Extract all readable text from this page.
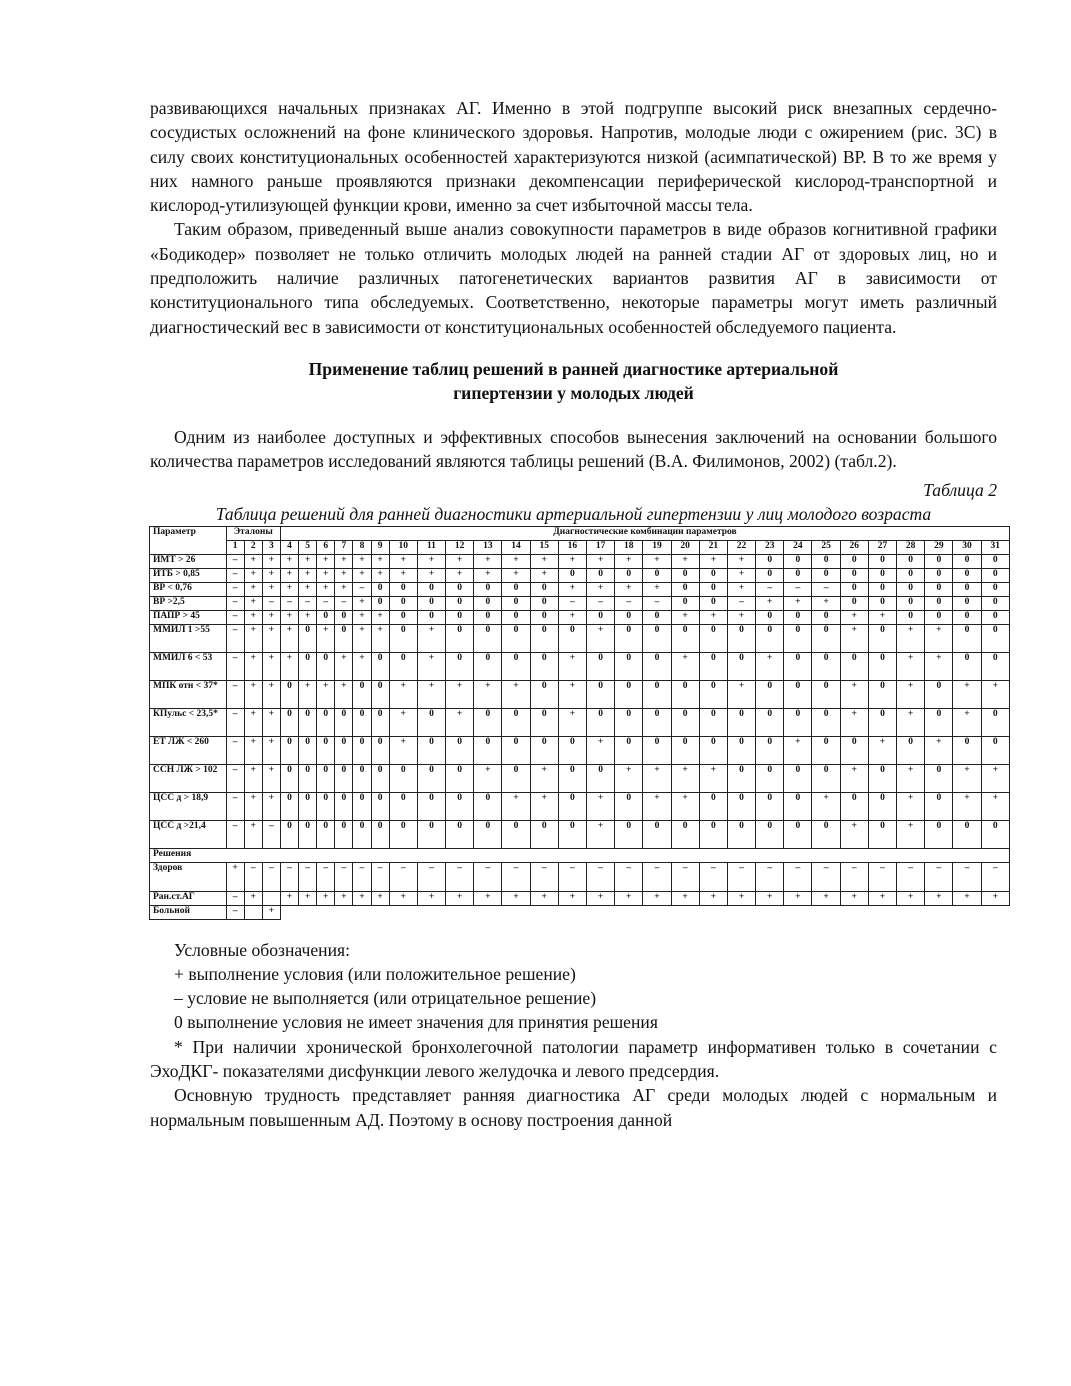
развивающихся начальных признаках АГ. Именно в этой подгруппе высокий риск внезапных сердечно-сосудистых осложнений на фоне клинического здоровья. Напротив, молодые люди с ожирением (рис. 3С) в силу своих конституциональных особенностей характеризуются низкой (асимпатической) ВР. В то же время у них намного раньше проявляются признаки декомпенсации периферической кислород-транспортной и кислород-утилизующей функции крови, именно за счет избыточной массы тела.

Таким образом, приведенный выше анализ совокупности параметров в виде образов когнитивной графики «Бодикодер» позволяет не только отличить молодых людей на ранней стадии АГ от здоровых лиц, но и предположить наличие различных патогенетических вариантов развития АГ в зависимости от конституционального типа обследуемых. Соответственно, некоторые параметры могут иметь различный диагностический вес в зависимости от конституциональных особенностей обследуемого пациента.

Применение таблиц решений в ранней диагностике артериальной
гипертензии у молодых людей

Одним из наиболее доступных и эффективных способов вынесения заключений на основании большого количества параметров исследований являются таблицы решений (В.А. Филимонов, 2002) (табл.2).

Таблица 2
Таблица решений для ранней диагностики артериальной гипертензии у лиц молодого возраста
Параметр	Эталоны			Диагностические комбинации параметров																											
	1	2	3	4	5	6	7	8	9	10	11	12	13	14	15	16	17	18	19	20	21	22	23	24	25	26	27	28	29	30	31
ИМТ > 26	–	+	+	+	+	+	+	+	+	+	+	+	+	+	+	+	+	+	+	+	+	+	0	0	0	0	0	0	0	0	0
ИТБ > 0,85	–	+	+	+	+	+	+	+	+	+	+	+	+	+	+	0	0	0	0	0	0	+	0	0	0	0	0	0	0	0	0
ВР < 0,76	–	+	+	+	+	+	+	–	0	0	0	0	0	0	0	+	+	+	+	0	0	+	–	–	–	0	0	0	0	0	0
ВР >2,5	–	+	–	–	–	–	–	+	0	0	0	0	0	0	0	–	–	–	–	0	0	–	+	+	+	0	0	0	0	0	0
ПАПР > 45	–	+	+	+	+	0	0	+	+	0	0	0	0	0	0	+	0	0	0	+	+	+	0	0	0	+	+	0	0	0	0
ММИЛ 1 >55	–	+	+	+	0	+	0	+	+	0	+	0	0	0	0	0	+	0	0	0	0	0	0	0	0	+	0	+	+	0	0
ММИЛ 6 < 53	–	+	+	+	0	0	+	+	0	0	+	0	0	0	0	+	0	0	0	+	0	0	+	0	0	0	0	+	+	0	0
МПК отн < 37*	–	+	+	0	+	+	+	0	0	+	+	+	+	+	0	+	0	0	0	0	0	+	0	0	0	+	0	+	0	+	+
КПульс < 23,5*	–	+	+	0	0	0	0	0	0	+	0	+	0	0	0	+	0	0	0	0	0	0	0	0	0	+	0	+	0	+	0
ЕТ ЛЖ < 260	–	+	+	0	0	0	0	0	0	+	0	0	0	0	0	0	+	0	0	0	0	0	0	+	0	0	+	0	+	0	0
ССН ЛЖ > 102	–	+	+	0	0	0	0	0	0	0	0	0	+	0	+	0	0	+	+	+	+	0	0	0	0	+	0	+	0	+	+
ЦСС д > 18,9	–	+	+	0	0	0	0	0	0	0	0	0	0	+	+	0	+	0	+	+	0	0	0	0	+	0	0	+	0	+	+
ЦСС д >21,4	–	+	–	0	0	0	0	0	0	0	0	0	0	0	0	0	+	0	0	0	0	0	0	0	0	+	0	+	0	0	0
Решения																															
Здоров	+	–	–	–	–	–	–	–	–	–	–	–	–	–	–	–	–	–	–	–	–	–	–	–	–	–	–	–	–	–	–
Ран.ст.АГ	–	+		+	+	+	+	+	+	+	+	+	+	+	+	+	+	+	+	+	+	+	+	+	+	+	+	+	+	+	+
Больной	–		+																												
Условные обозначения:
+ выполнение условия (или положительное решение)
– условие не выполняется (или отрицательное решение)
0 выполнение условия не имеет значения для принятия решения

* При наличии хронической бронхолегочной патологии параметр информативен только в сочетании с ЭхоДКГ- показателями дисфункции левого желудочка и левого предсердия.

Основную трудность представляет ранняя диагностика АГ среди молодых людей с нормальным и нормальным повышенным АД. Поэтому в основу построения данной
